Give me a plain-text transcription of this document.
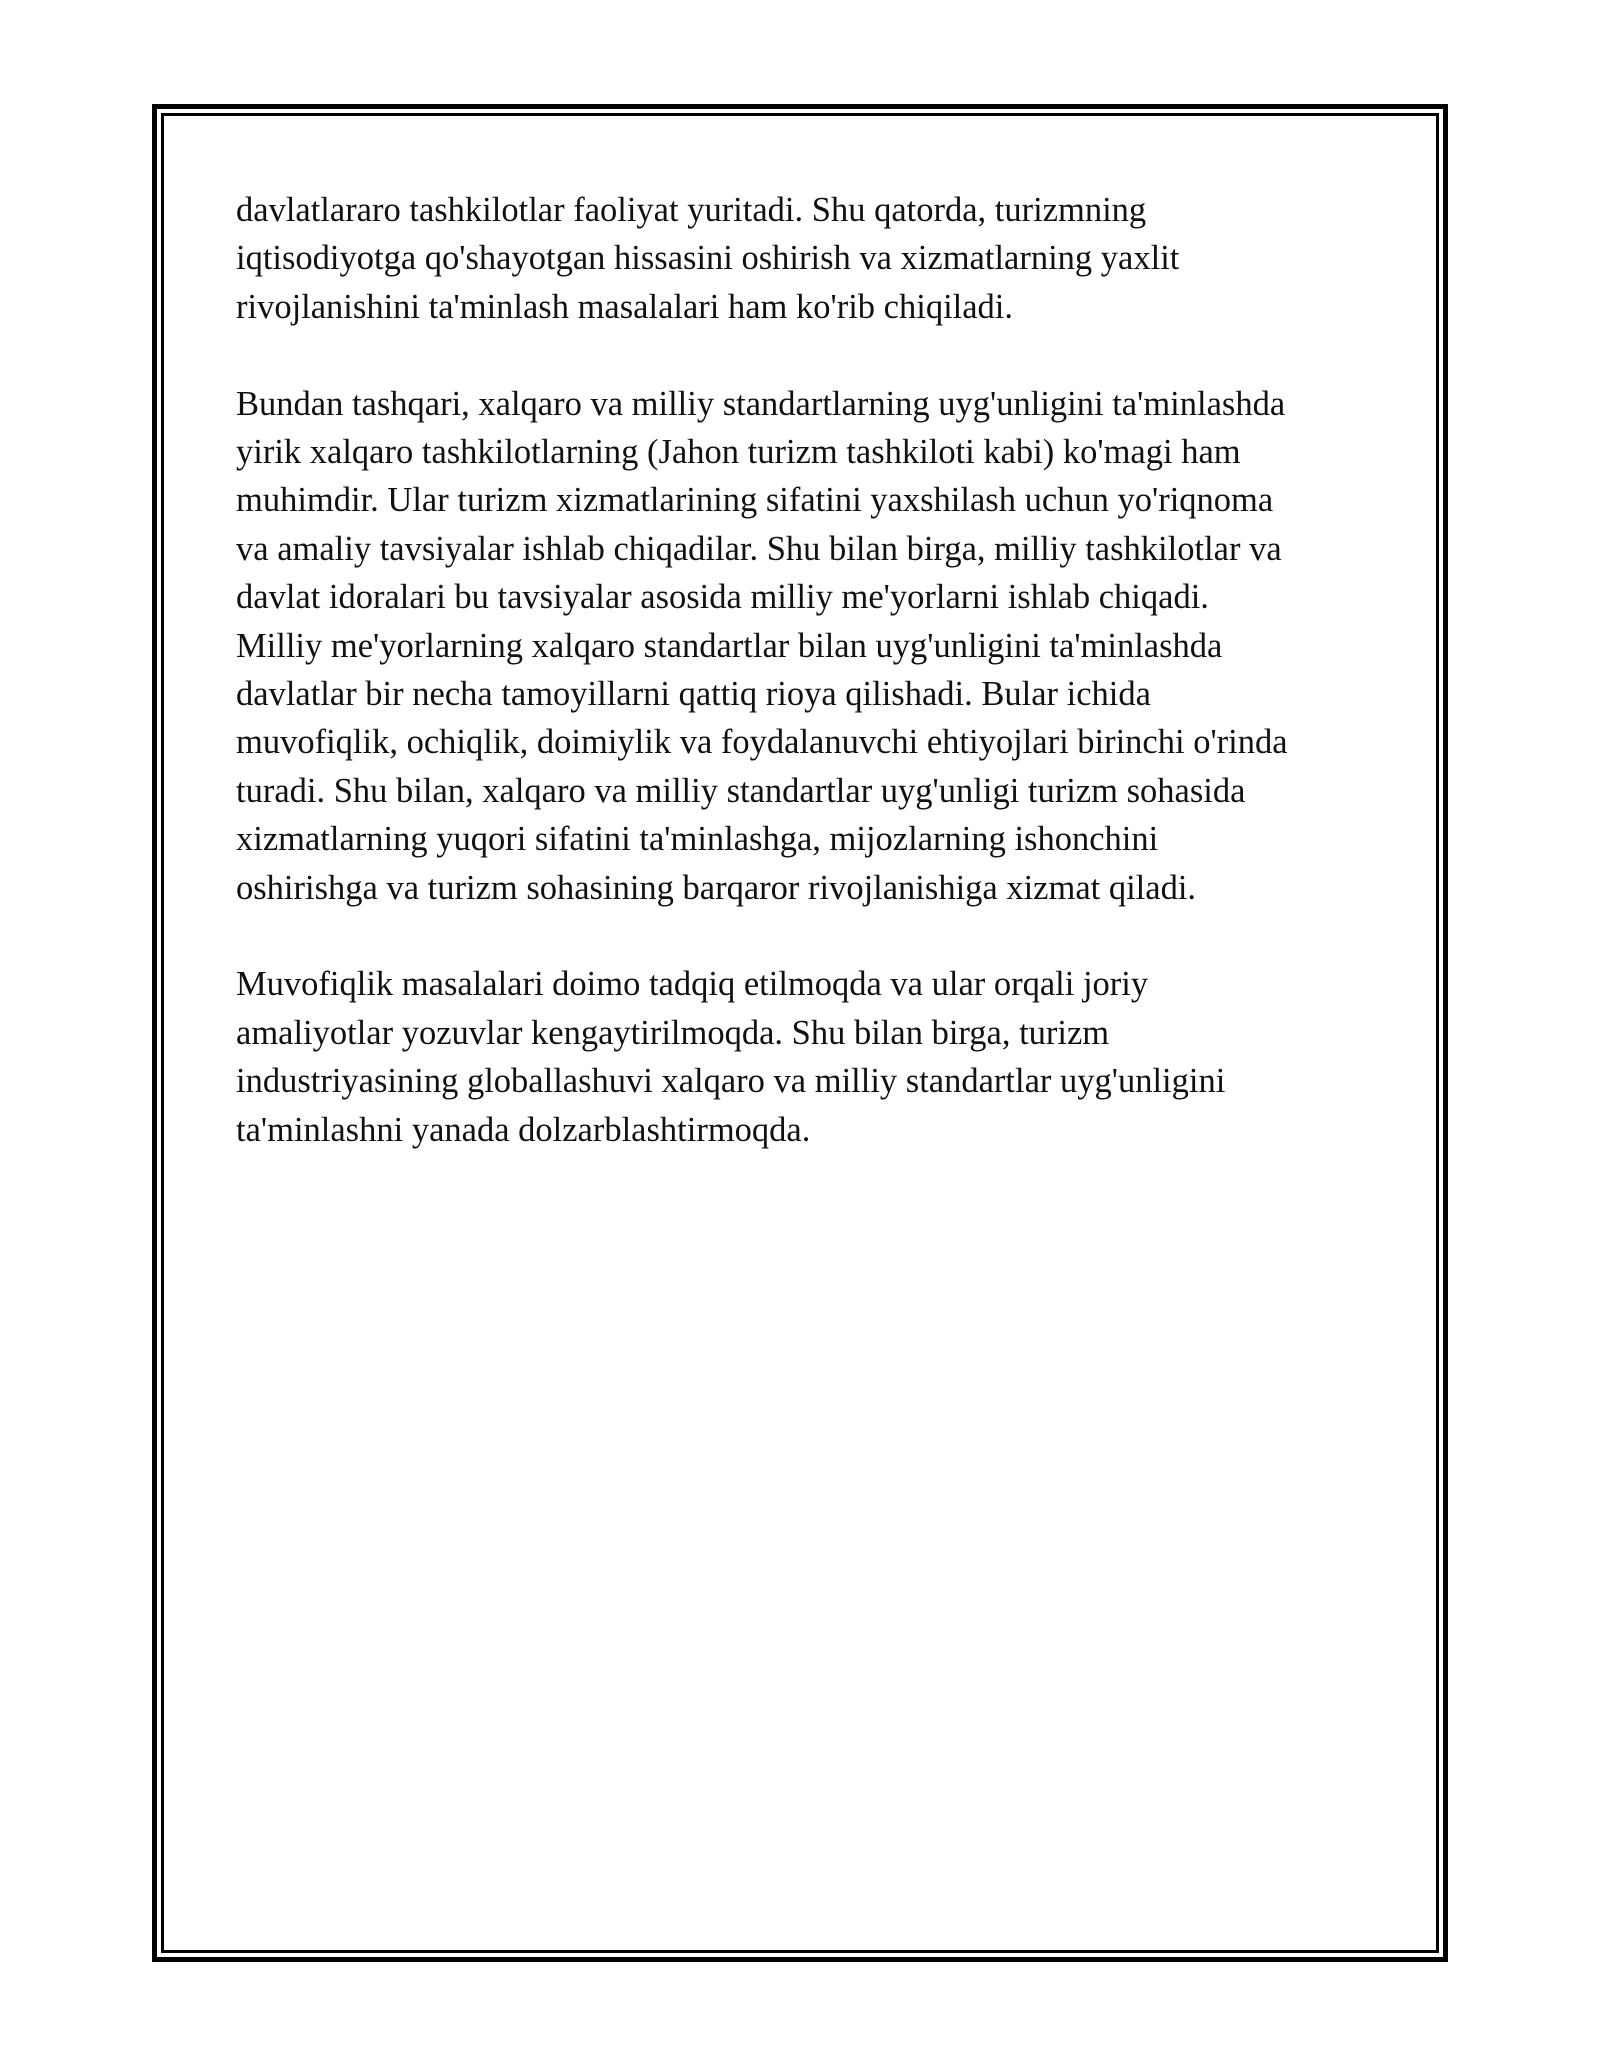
davlatlararo tashkilotlar faoliyat yuritadi. Shu qatorda, turizmning
iqtisodiyotga qo'shayotgan hissasini oshirish va xizmatlarning yaxlit
rivojlanishini ta'minlash masalalari ham ko'rib chiqiladi.

Bundan tashqari, xalqaro va milliy standartlarning uyg'unligini ta'minlashda
yirik xalqaro tashkilotlarning (Jahon turizm tashkiloti kabi) ko'magi ham
muhimdir. Ular turizm xizmatlarining sifatini yaxshilash uchun yo'riqnoma
va amaliy tavsiyalar ishlab chiqadilar. Shu bilan birga, milliy tashkilotlar va
davlat idoralari bu tavsiyalar asosida milliy me'yorlarni ishlab chiqadi.
Milliy me'yorlarning xalqaro standartlar bilan uyg'unligini ta'minlashda
davlatlar bir necha tamoyillarni qattiq rioya qilishadi. Bular ichida
muvofiqlik, ochiqlik, doimiylik va foydalanuvchi ehtiyojlari birinchi o'rinda
turadi. Shu bilan, xalqaro va milliy standartlar uyg'unligi turizm sohasida
xizmatlarning yuqori sifatini ta'minlashga, mijozlarning ishonchini
oshirishga va turizm sohasining barqaror rivojlanishiga xizmat qiladi.

Muvofiqlik masalalari doimo tadqiq etilmoqda va ular orqali joriy
amaliyotlar yozuvlar kengaytirilmoqda. Shu bilan birga, turizm
industriyasining globallashuvi xalqaro va milliy standartlar uyg'unligini
ta'minlashni yanada dolzarblashtirmoqda.
